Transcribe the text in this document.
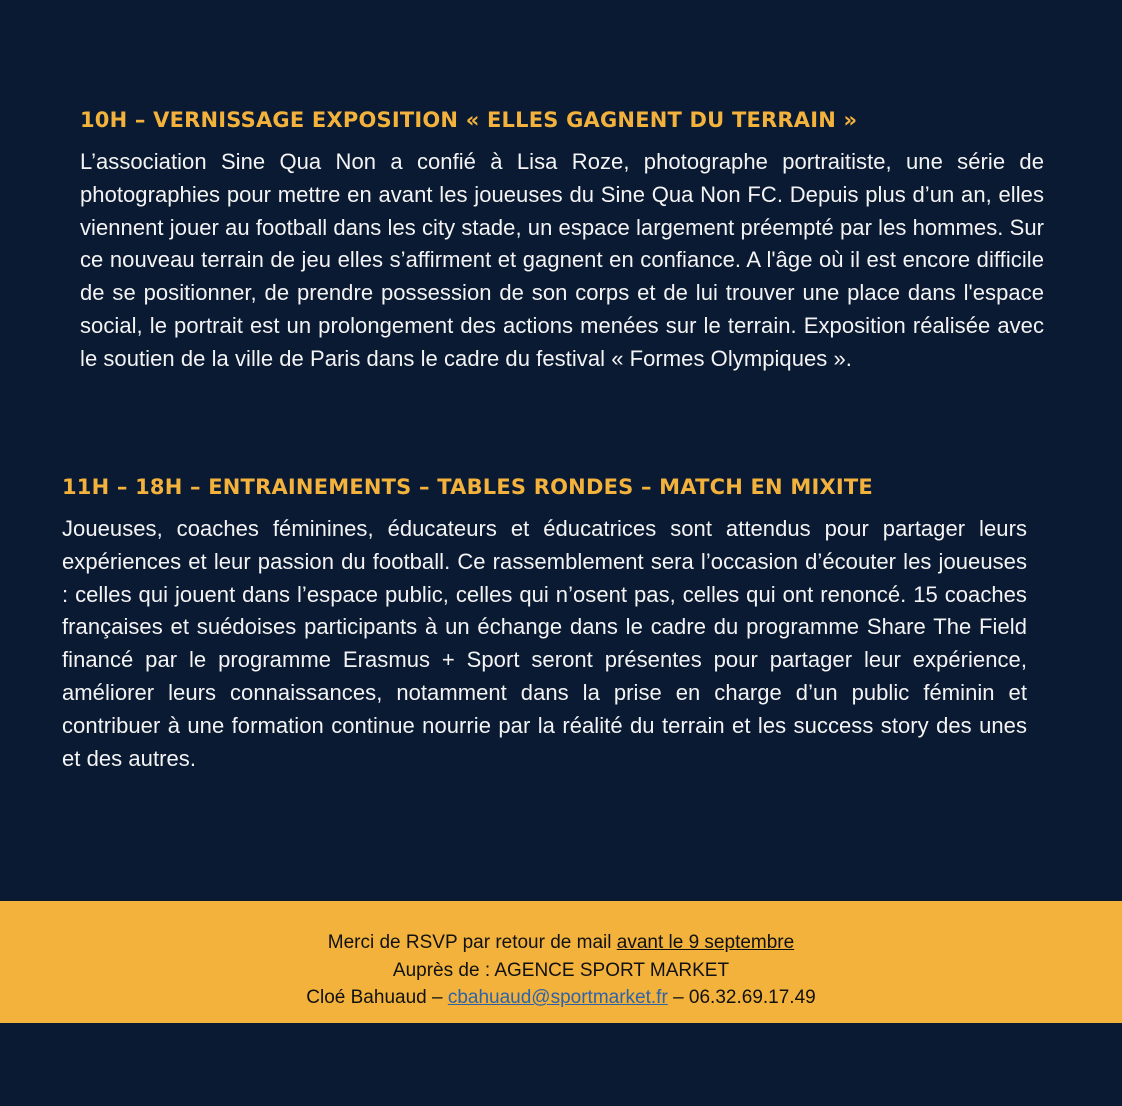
10H – VERNISSAGE EXPOSITION « ELLES GAGNENT DU TERRAIN »

L’association Sine Qua Non a confié à Lisa Roze, photographe portraitiste, une série de photographies pour mettre en avant les joueuses du Sine Qua Non FC. Depuis plus d’un an, elles viennent jouer au football dans les city stade, un espace largement préempté par les hommes. Sur ce nouveau terrain de jeu elles s’affirment et gagnent en confiance. A l'âge où il est encore difficile de se positionner, de prendre possession de son corps et de lui trouver une place dans l'espace social, le portrait est un prolongement des actions menées sur le terrain. Exposition réalisée avec le soutien de la ville de Paris dans le cadre du festival « Formes Olympiques ».

11H – 18H – ENTRAINEMENTS – TABLES RONDES – MATCH EN MIXITE

Joueuses, coaches féminines, éducateurs et éducatrices sont attendus pour partager leurs expériences et leur passion du football. Ce rassemblement sera l’occasion d’écouter les joueuses : celles qui jouent dans l’espace public, celles qui n’osent pas, celles qui ont renoncé. 15 coaches françaises et suédoises participants à un échange dans le cadre du programme Share The Field financé par le programme Erasmus + Sport seront présentes pour partager leur expérience, améliorer leurs connaissances, notamment dans la prise en charge d’un public féminin et contribuer à une formation continue nourrie par la réalité du terrain et les success story des unes et des autres.

Merci de RSVP par retour de mail avant le 9 septembre
Auprès de : AGENCE SPORT MARKET
Cloé Bahuaud – cbahuaud@sportmarket.fr – 06.32.69.17.49
